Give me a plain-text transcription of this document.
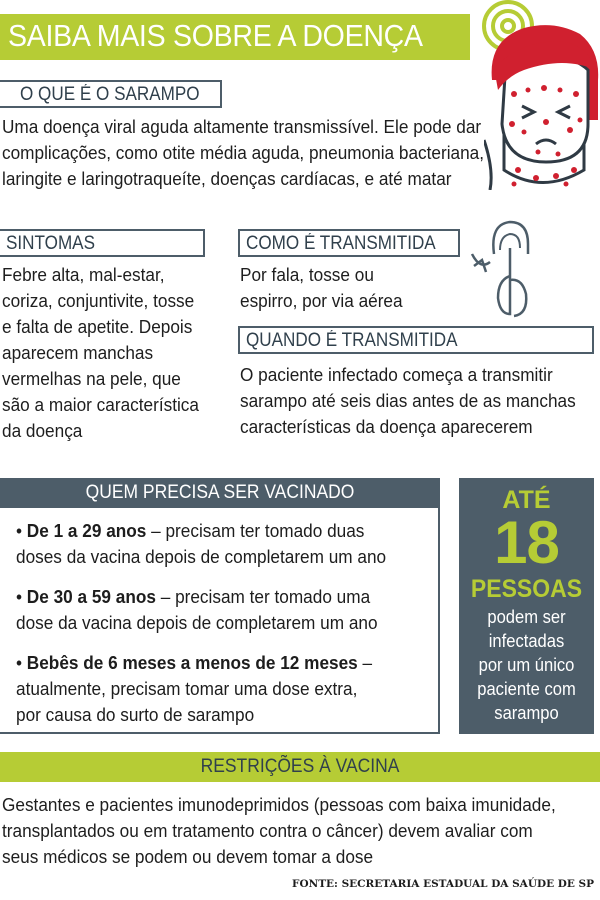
SAIBA MAIS SOBRE A DOENÇA
O QUE É O SARAMPO
Uma doença viral aguda altamente transmissível. Ele pode dar
complicações, como otite média aguda, pneumonia bacteriana,
laringite e laringotraqueíte, doenças cardíacas, e até matar
SINTOMAS
Febre alta, mal-estar,
coriza, conjuntivite, tosse
e falta de apetite. Depois
aparecem manchas
vermelhas na pele, que
são a maior característica
da doença
COMO É TRANSMITIDA
Por fala, tosse ou
espirro, por via aérea
QUANDO É TRANSMITIDA
O paciente infectado começa a transmitir
sarampo até seis dias antes de as manchas
características da doença aparecerem
QUEM PRECISA SER VACINADO
• De 1 a 29 anos – precisam ter tomado duas
doses da vacina depois de completarem um ano
• De 30 a 59 anos – precisam ter tomado uma
dose da vacina depois de completarem um ano
• Bebês de 6 meses a menos de 12 meses –
atualmente, precisam tomar uma dose extra,
por causa do surto de sarampo
ATÉ
18
PESSOAS
podem ser
infectadas
por um único
paciente com
sarampo
RESTRIÇÕES À VACINA
Gestantes e pacientes imunodeprimidos (pessoas com baixa imunidade,
transplantados ou em tratamento contra o câncer) devem avaliar com
seus médicos se podem ou devem tomar a dose
FONTE: SECRETARIA ESTADUAL DA SAÚDE DE SP
